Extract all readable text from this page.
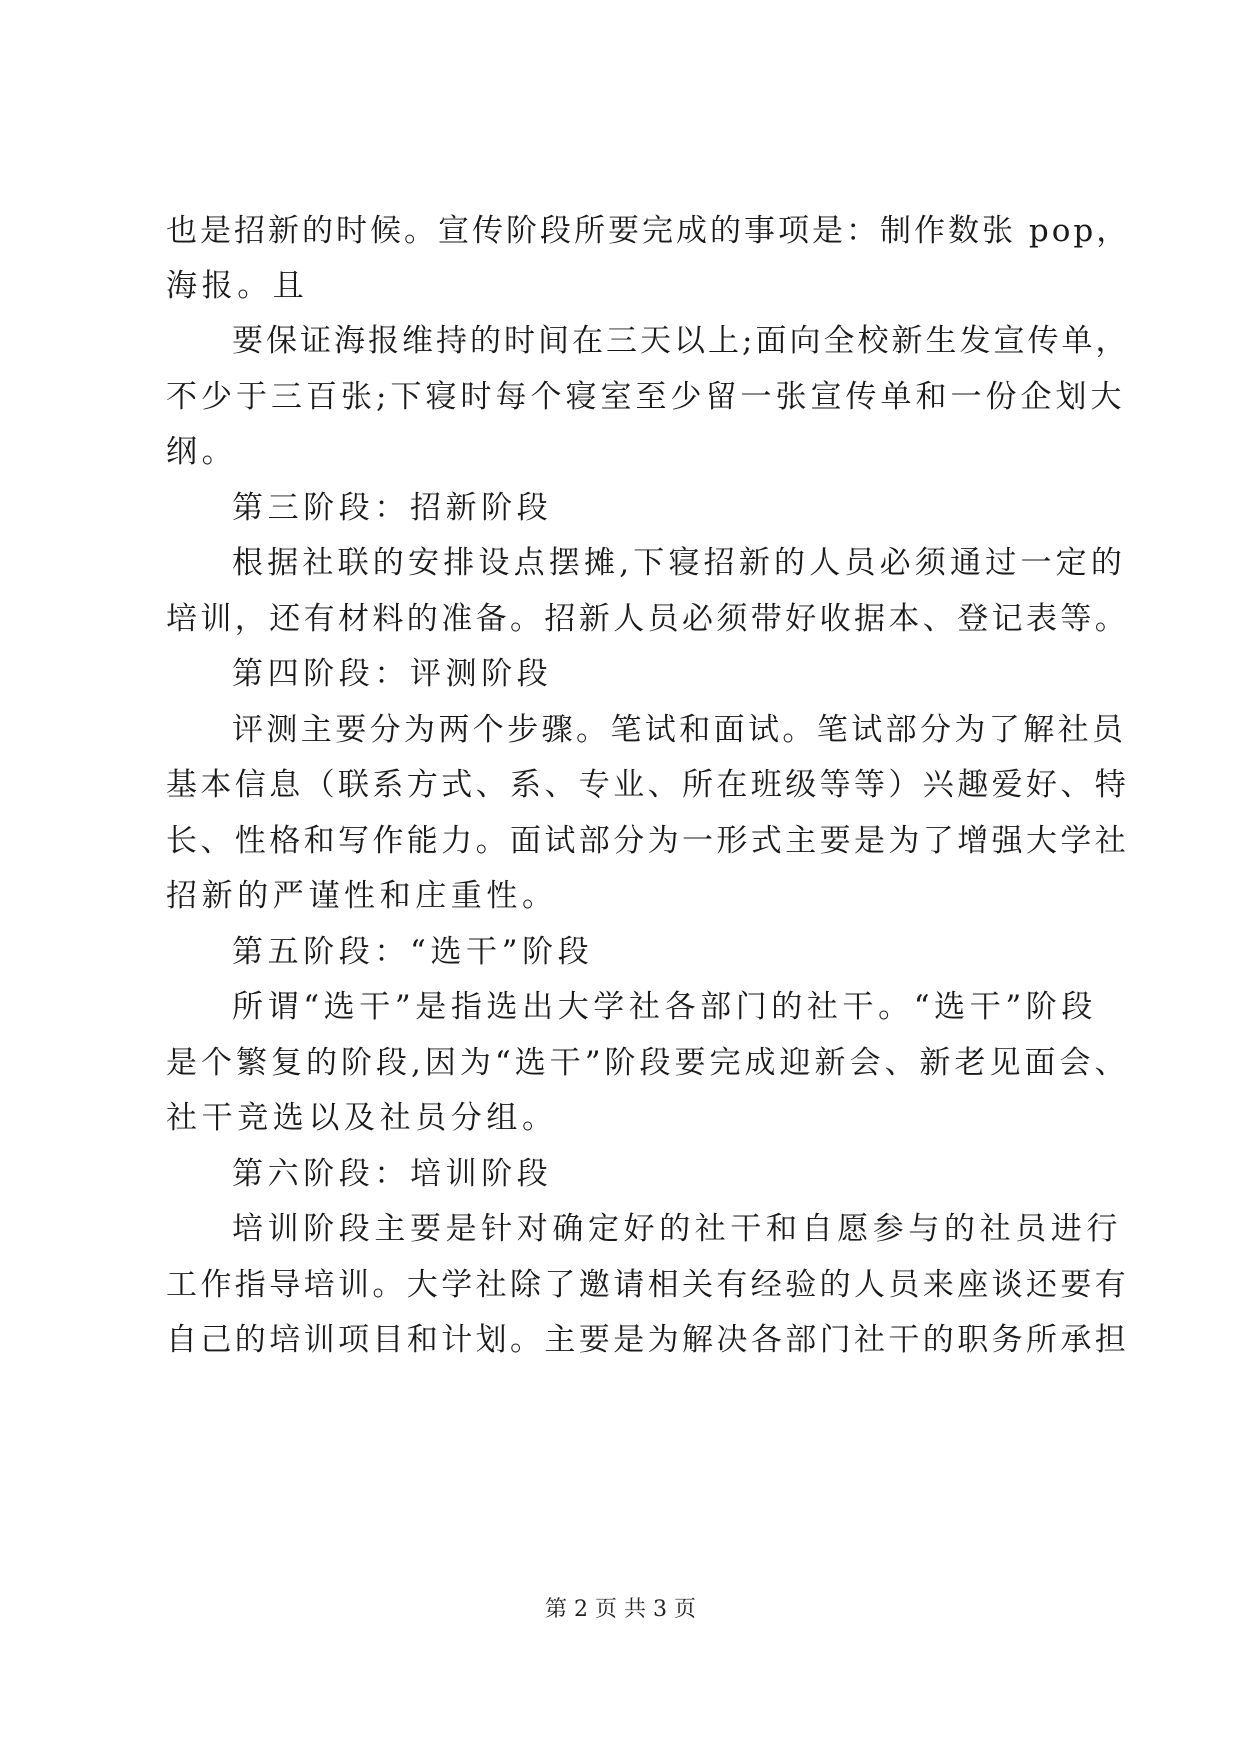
也是招新的时候。宣传阶段所要完成的事项是：制作数张 pop，

海报。且

要保证海报维持的时间在三天以上;面向全校新生发宣传单，

不少于三百张;下寝时每个寝室至少留一张宣传单和一份企划大

纲。

第三阶段：招新阶段

根据社联的安排设点摆摊,下寝招新的人员必须通过一定的

培训，还有材料的准备。招新人员必须带好收据本、登记表等。

第四阶段：评测阶段

评测主要分为两个步骤。笔试和面试。笔试部分为了解社员

基本信息（联系方式、系、专业、所在班级等等）兴趣爱好、特

长、性格和写作能力。面试部分为一形式主要是为了增强大学社

招新的严谨性和庄重性。

第五阶段：“选干”阶段

所谓“选干”是指选出大学社各部门的社干。“选干”阶段

是个繁复的阶段,因为“选干”阶段要完成迎新会、新老见面会、

社干竞选以及社员分组。

第六阶段：培训阶段

培训阶段主要是针对确定好的社干和自愿参与的社员进行

工作指导培训。大学社除了邀请相关有经验的人员来座谈还要有

自己的培训项目和计划。主要是为解决各部门社干的职务所承担

第 2 页 共 3 页
